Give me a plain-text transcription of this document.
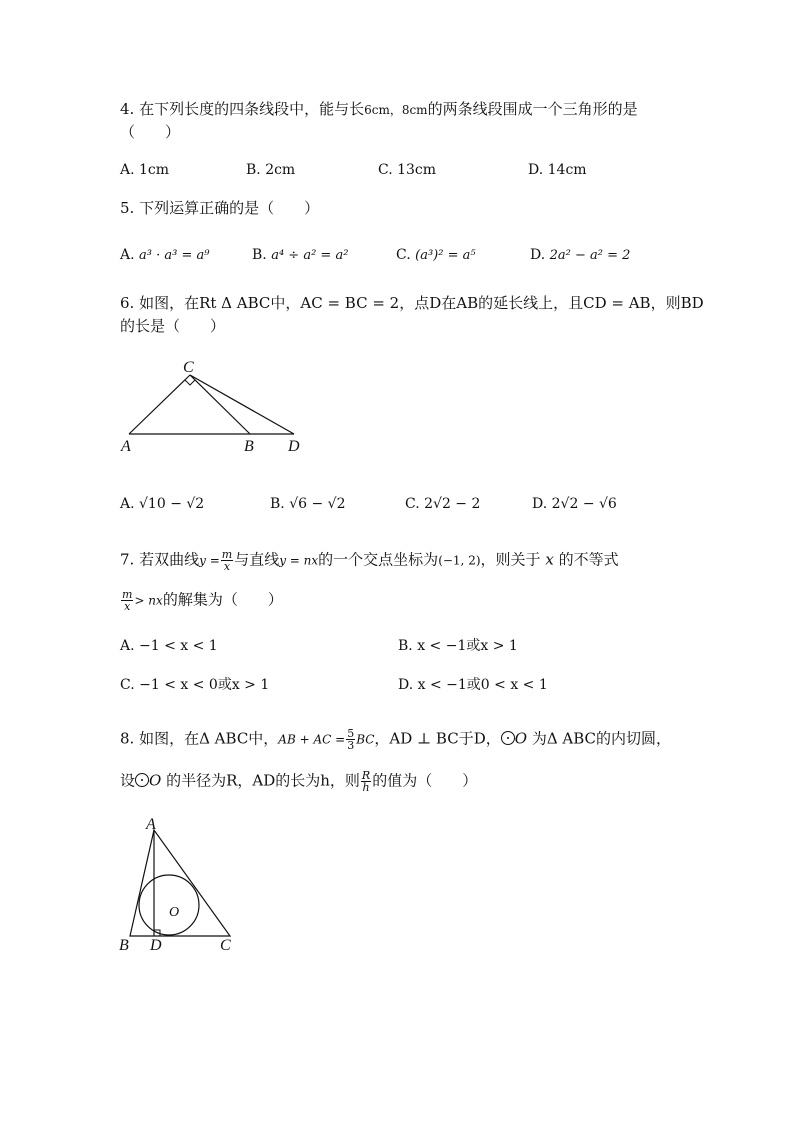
4. 在下列长度的四条线段中，能与长6cm，8cm的两条线段围成一个三角形的是
（　　）
A. 1cm	B. 2cm	C. 13cm	D. 14cm
5. 下列运算正确的是（　　）
A. a³ · a³ = a⁹	B. a⁴ ÷ a² = a²	C. (a³)² = a⁵	D. 2a² − a² = 2
6. 如图，在Rt Δ ABC中，AC = BC = 2，点D在AB的延长线上，且CD = AB，则BD
的长是（　　）
C
A	B D
A. √10 − √2	B. √6 − √2	C. 2√2 − 2	D. 2√2 − √6
7. 若双曲线$y = \frac{m}{x}$ 与直线y = nx的一个交点坐标为(−1, 2)，则关于 x 的不等式
$\frac{m}{x}$ > nx的解集为（　　）
A. −1 < x < 1	B. x < −1或x > 1
C. −1 < x < 0或x > 1	D. x < −1或0 < x < 1
8. 如图，在Δ ABC中，AB + AC = $\frac{5}{3}$ BC，AD ⊥ BC于D， O 为Δ ABC的内切圆，
设 O 的半径为R，AD的长为h，则 $\frac{R}{h}$ 的值为（　　）
A
B D	C
O
